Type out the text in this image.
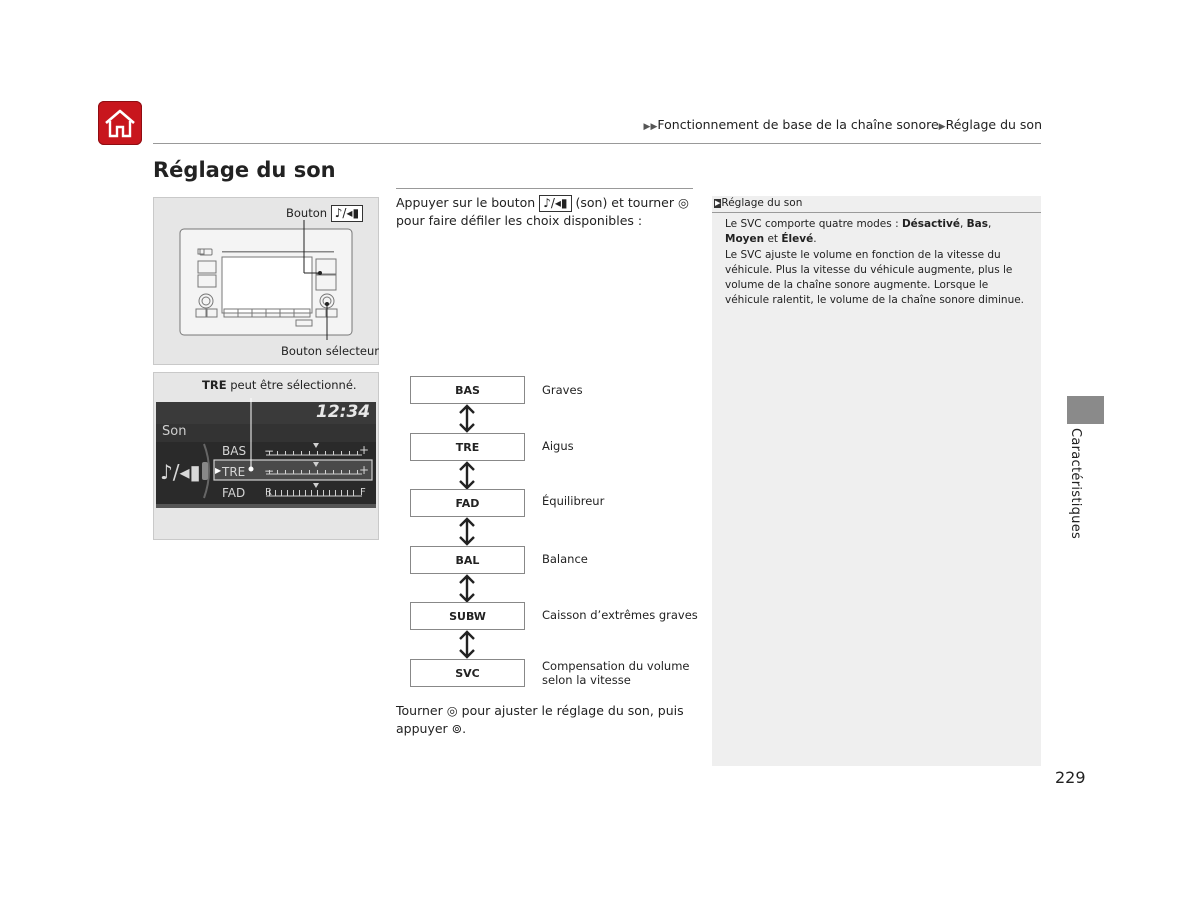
▶▶Fonctionnement de base de la chaîne sonore▶Réglage du son
Réglage du son
Bouton ♪/◂▮
Bouton sélecteur
TRE peut être sélectionné.
12:34
Son
♪/◂▮
BAS
TRE
FAD
▶
−	+
−	+
R	F
Appuyer sur le bouton ♪/◂▮ (son) et tourner ◎
pour faire défiler les choix disponibles :
BAS	Graves
TRE	Aigus
FAD	Équilibreur
BAL	Balance
SUBW	Caisson d’extrêmes graves
SVC	Compensation du volume selon la vitesse
Tourner ◎ pour ajuster le réglage du son, puis appuyer ⊚.
▶Réglage du son
Le SVC comporte quatre modes : Désactivé, Bas, Moyen et Élevé.
Le SVC ajuste le volume en fonction de la vitesse du véhicule. Plus la vitesse du véhicule augmente, plus le volume de la chaîne sonore augmente. Lorsque le véhicule ralentit, le volume de la chaîne sonore diminue.
Caractéristiques
229
